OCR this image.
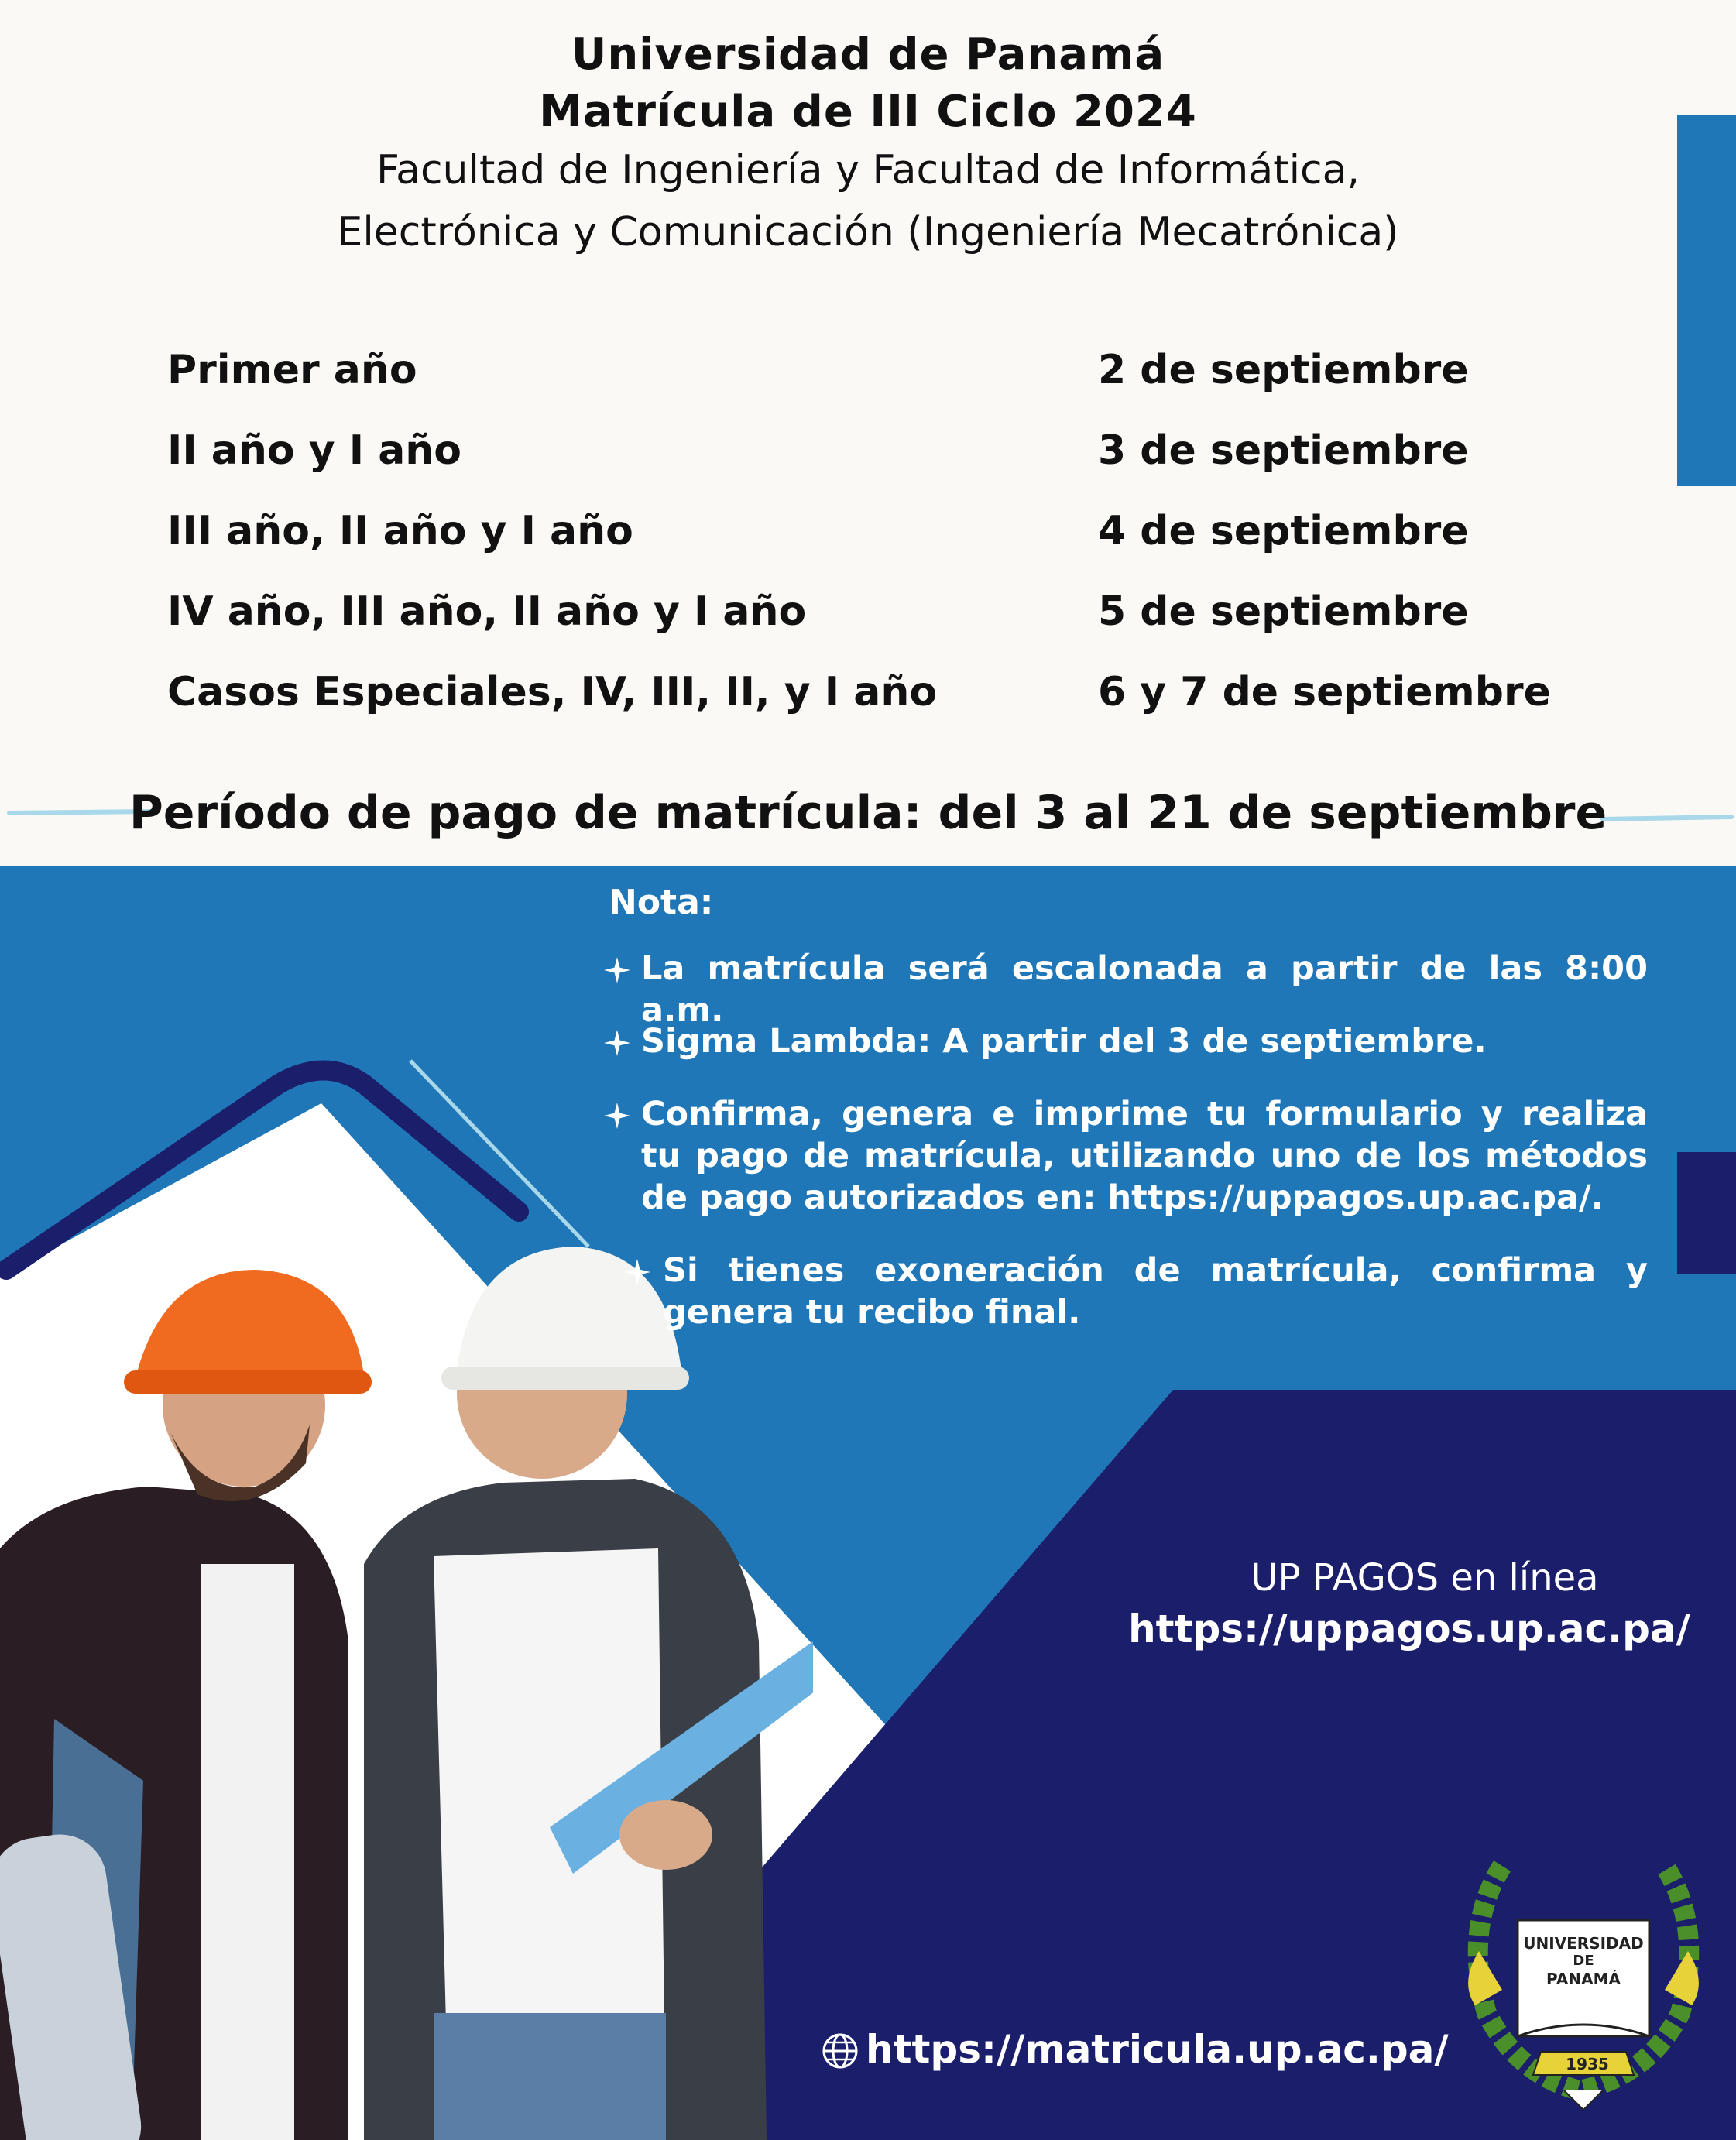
Universidad de Panamá
Matrícula de III Ciclo 2024
Facultad de Ingeniería y Facultad de Informática,
Electrónica y Comunicación (Ingeniería Mecatrónica)
Primer año	2 de septiembre
II año y I año	3 de septiembre
III año, II año y I año	4 de septiembre
IV año, III año, II año y I año	5 de septiembre
Casos Especiales, IV, III, II, y I año	6 y 7 de septiembre
Período de pago de matrícula: del 3 al 21 de septiembre
Nota:
La matrícula será escalonada a partir de las 8:00 a.m.
Sigma Lambda: A partir del 3 de septiembre.
Confirma, genera e imprime tu formulario y realiza tu pago de matrícula, utilizando uno de los métodos de pago autorizados en: https://uppagos.up.ac.pa/.
Si tienes exoneración de matrícula, confirma y genera tu recibo final.
UP PAGOS en línea
https://uppagos.up.ac.pa/
https://matricula.up.ac.pa/
UNIVERSIDAD
DE
PANAMÁ
1935
